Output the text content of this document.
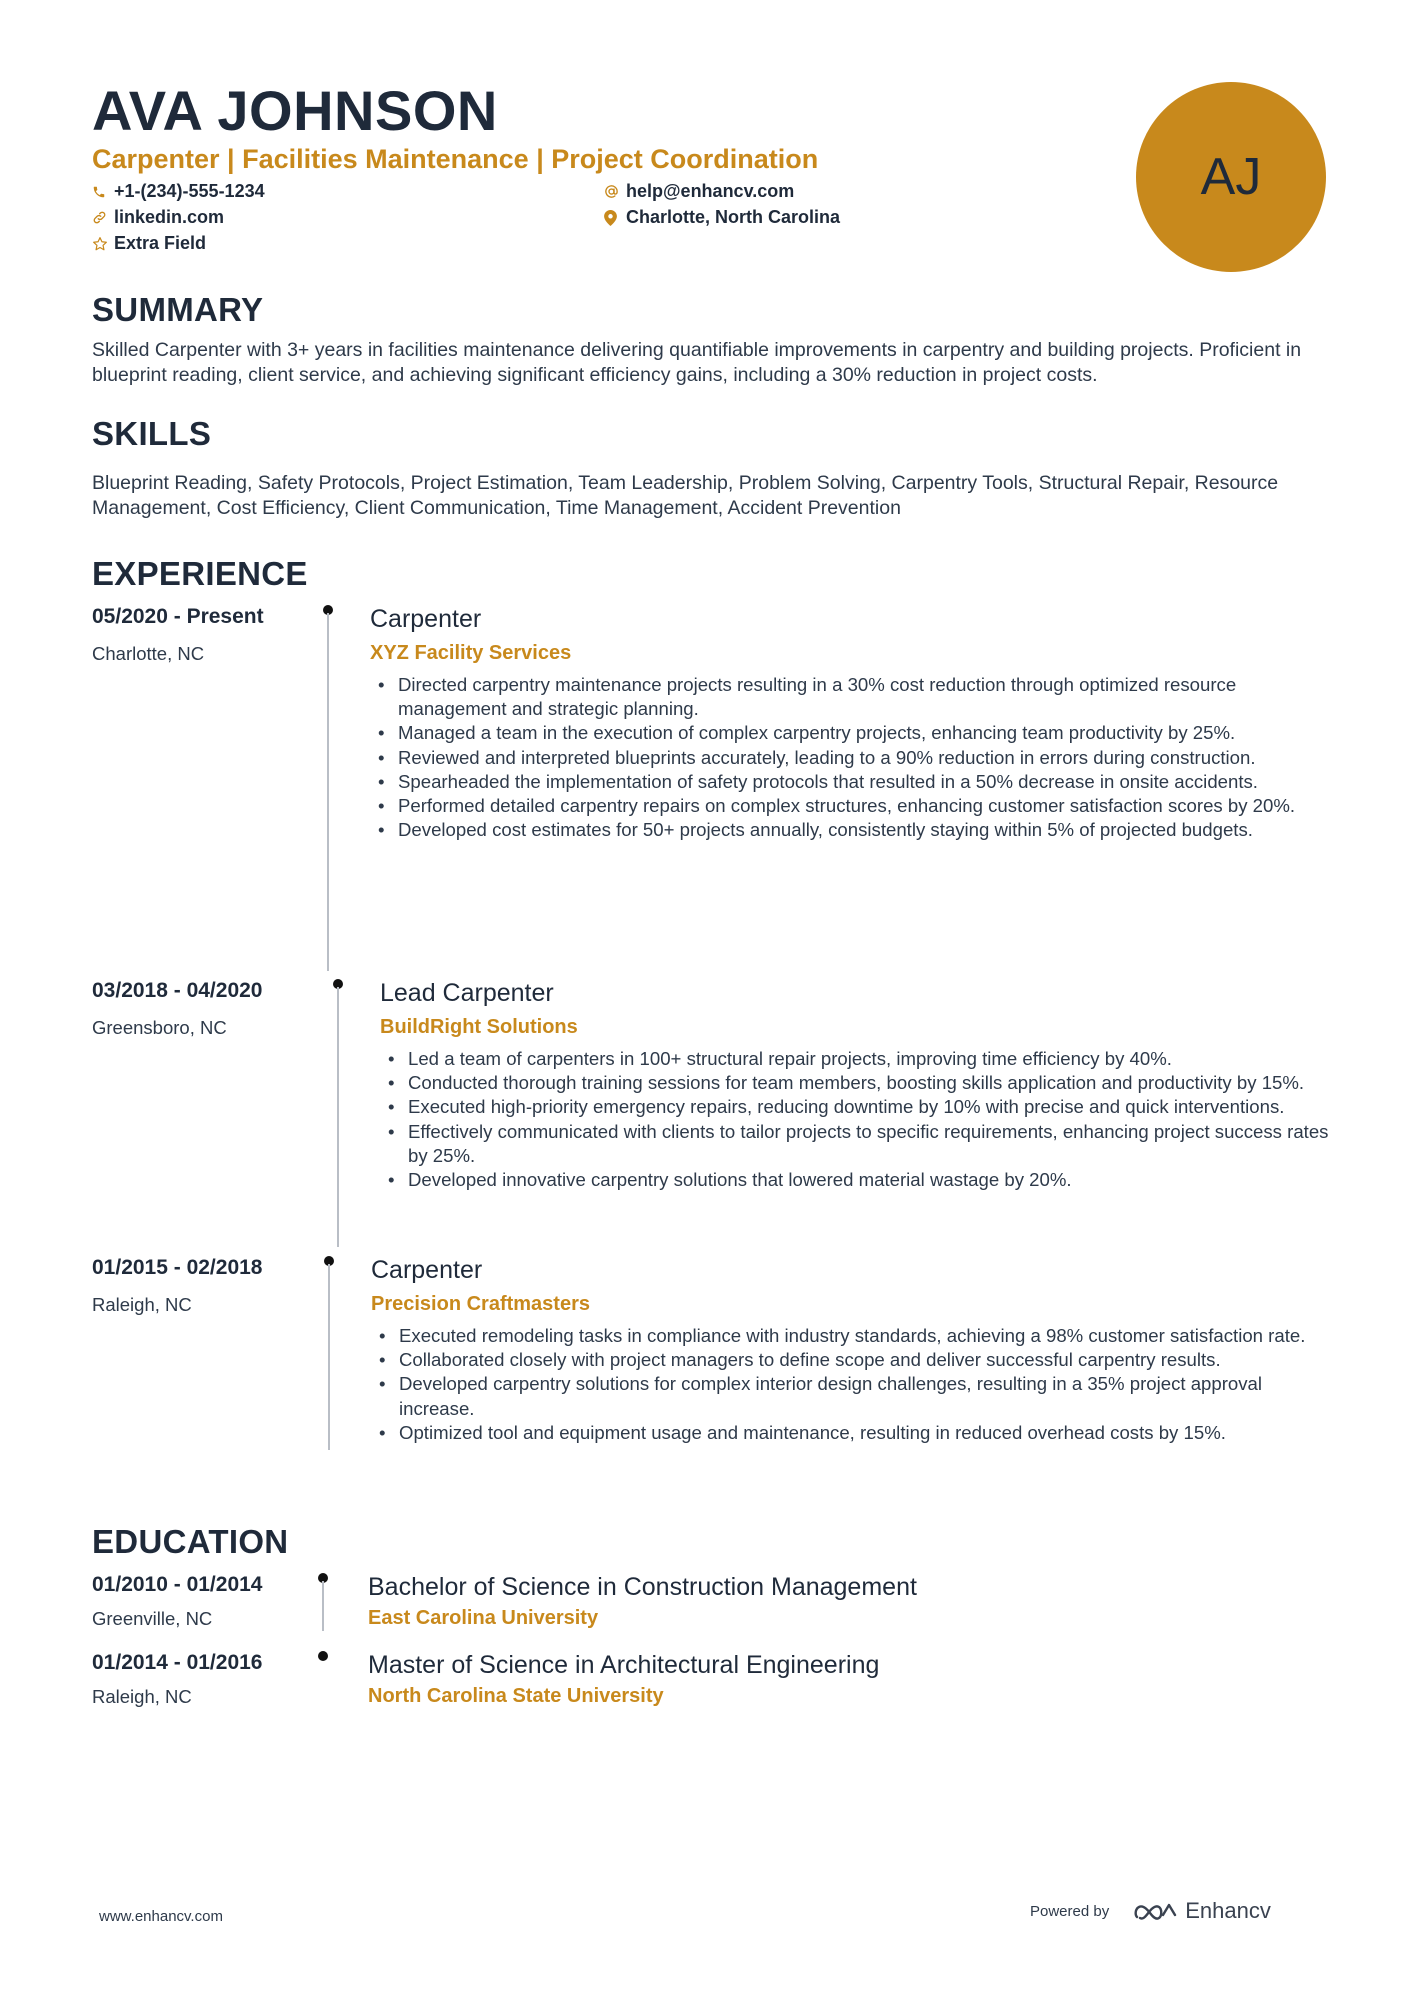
AVA JOHNSON
Carpenter | Facilities Maintenance | Project Coordination
+1-(234)-555-1234	help@enhancv.com
linkedin.com	Charlotte, North Carolina
Extra Field
AJ
SUMMARY
Skilled Carpenter with 3+ years in facilities maintenance delivering quantifiable improvements in carpentry and building projects. Proficient in blueprint reading, client service, and achieving significant efficiency gains, including a 30% reduction in project costs.
SKILLS
Blueprint Reading, Safety Protocols, Project Estimation, Team Leadership, Problem Solving, Carpentry Tools, Structural Repair, Resource Management, Cost Efficiency, Client Communication, Time Management, Accident Prevention
EXPERIENCE
05/2020 - Present
Charlotte, NC
Carpenter
XYZ Facility Services
• Directed carpentry maintenance projects resulting in a 30% cost reduction through optimized resource management and strategic planning.
• Managed a team in the execution of complex carpentry projects, enhancing team productivity by 25%.
• Reviewed and interpreted blueprints accurately, leading to a 90% reduction in errors during construction.
• Spearheaded the implementation of safety protocols that resulted in a 50% decrease in onsite accidents.
• Performed detailed carpentry repairs on complex structures, enhancing customer satisfaction scores by 20%.
• Developed cost estimates for 50+ projects annually, consistently staying within 5% of projected budgets.
03/2018 - 04/2020
Greensboro, NC
Lead Carpenter
BuildRight Solutions
• Led a team of carpenters in 100+ structural repair projects, improving time efficiency by 40%.
• Conducted thorough training sessions for team members, boosting skills application and productivity by 15%.
• Executed high-priority emergency repairs, reducing downtime by 10% with precise and quick interventions.
• Effectively communicated with clients to tailor projects to specific requirements, enhancing project success rates by 25%.
• Developed innovative carpentry solutions that lowered material wastage by 20%.
01/2015 - 02/2018
Raleigh, NC
Carpenter
Precision Craftmasters
• Executed remodeling tasks in compliance with industry standards, achieving a 98% customer satisfaction rate.
• Collaborated closely with project managers to define scope and deliver successful carpentry results.
• Developed carpentry solutions for complex interior design challenges, resulting in a 35% project approval increase.
• Optimized tool and equipment usage and maintenance, resulting in reduced overhead costs by 15%.
EDUCATION
01/2010 - 01/2014
Greenville, NC
Bachelor of Science in Construction Management
East Carolina University
01/2014 - 01/2016
Raleigh, NC
Master of Science in Architectural Engineering
North Carolina State University
www.enhancv.com	Powered by	Enhancv
